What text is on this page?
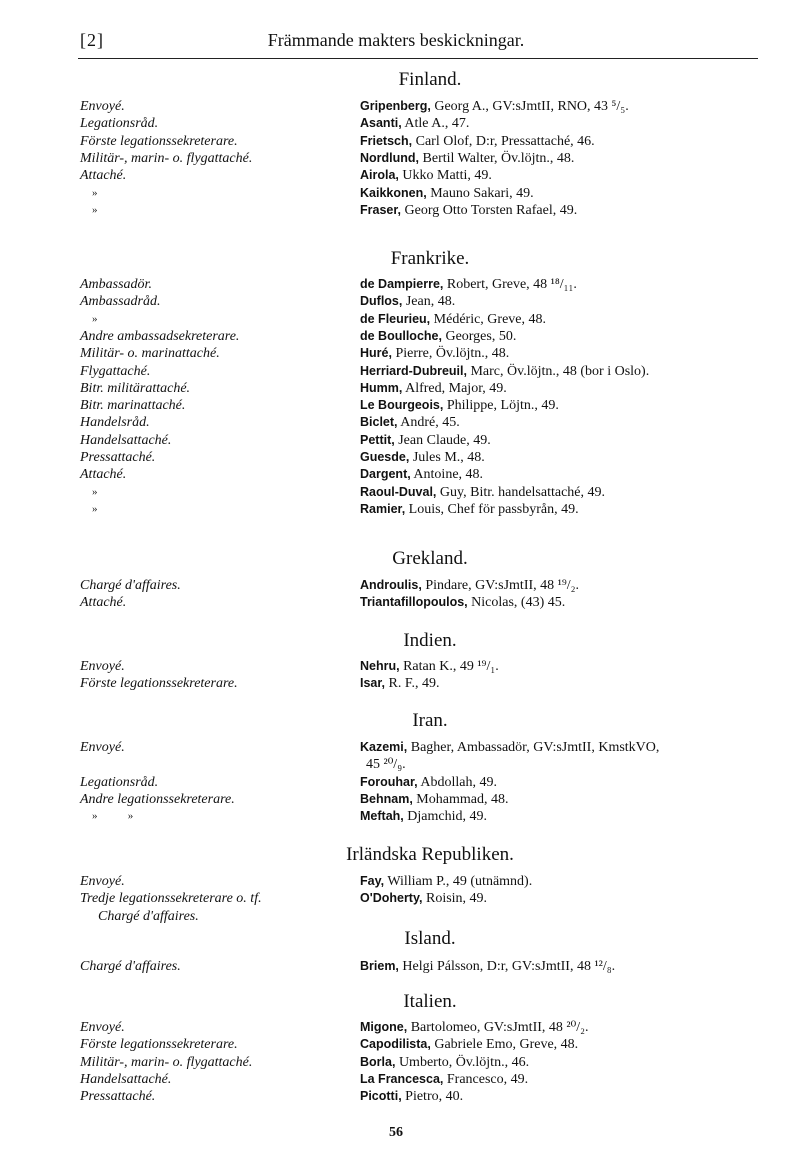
[2]	Främmande makters beskickningar.
Finland.
Envoyé.
Legationsråd.
Förste legationssekreterare.
Militär-, marin- o. flygattaché.
Attaché.
»
»
Gripenberg, Georg A., GV:sJmtII, RNO, 43 ⁵/₅.
Asanti, Atle A., 47.
Frietsch, Carl Olof, D:r, Pressattaché, 46.
Nordlund, Bertil Walter, Öv.löjtn., 48.
Airola, Ukko Matti, 49.
Kaikkonen, Mauno Sakari, 49.
Fraser, Georg Otto Torsten Rafael, 49.
Frankrike.
Ambassadör.
Ambassadråd.
»
Andre ambassadsekreterare.
Militär- o. marinattaché.
Flygattaché.
Bitr. militärattaché.
Bitr. marinattaché.
Handelsråd.
Handelsattaché.
Pressattaché.
Attaché.
»
»
de Dampierre, Robert, Greve, 48 ¹⁸/₁₁.
Duflos, Jean, 48.
de Fleurieu, Médéric, Greve, 48.
de Boulloche, Georges, 50.
Huré, Pierre, Öv.löjtn., 48.
Herriard-Dubreuil, Marc, Öv.löjtn., 48 (bor i Oslo).
Humm, Alfred, Major, 49.
Le Bourgeois, Philippe, Löjtn., 49.
Biclet, André, 45.
Pettit, Jean Claude, 49.
Guesde, Jules M., 48.
Dargent, Antoine, 48.
Raoul-Duval, Guy, Bitr. handelsattaché, 49.
Ramier, Louis, Chef för passbyrån, 49.
Grekland.
Chargé d'affaires.
Attaché.
Androulis, Pindare, GV:sJmtII, 48 ¹⁹/₂.
Triantafillopoulos, Nicolas, (43) 45.
Indien.
Envoyé.
Förste legationssekreterare.
Nehru, Ratan K., 49 ¹⁹/₁.
Isar, R. F., 49.
Iran.
Envoyé.
Legationsråd.
Andre legationssekreterare.
»           »
Kazemi, Bagher, Ambassadör, GV:sJmtII, KmstkVO,
45 ²⁰/₉.
Forouhar, Abdollah, 49.
Behnam, Mohammad, 48.
Meftah, Djamchid, 49.
Irländska Republiken.
Envoyé.
Tredje legationssekreterare o. tf.
Chargé d'affaires.
Fay, William P., 49 (utnämnd).
O'Doherty, Roisin, 49.
Island.
Chargé d'affaires.	Briem, Helgi Pálsson, D:r, GV:sJmtII, 48 ¹²/₈.
Italien.
Envoyé.
Förste legationssekreterare.
Militär-, marin- o. flygattaché.
Handelsattaché.
Pressattaché.
Migone, Bartolomeo, GV:sJmtII, 48 ²⁰/₂.
Capodilista, Gabriele Emo, Greve, 48.
Borla, Umberto, Öv.löjtn., 46.
La Francesca, Francesco, 49.
Picotti, Pietro, 40.
56
